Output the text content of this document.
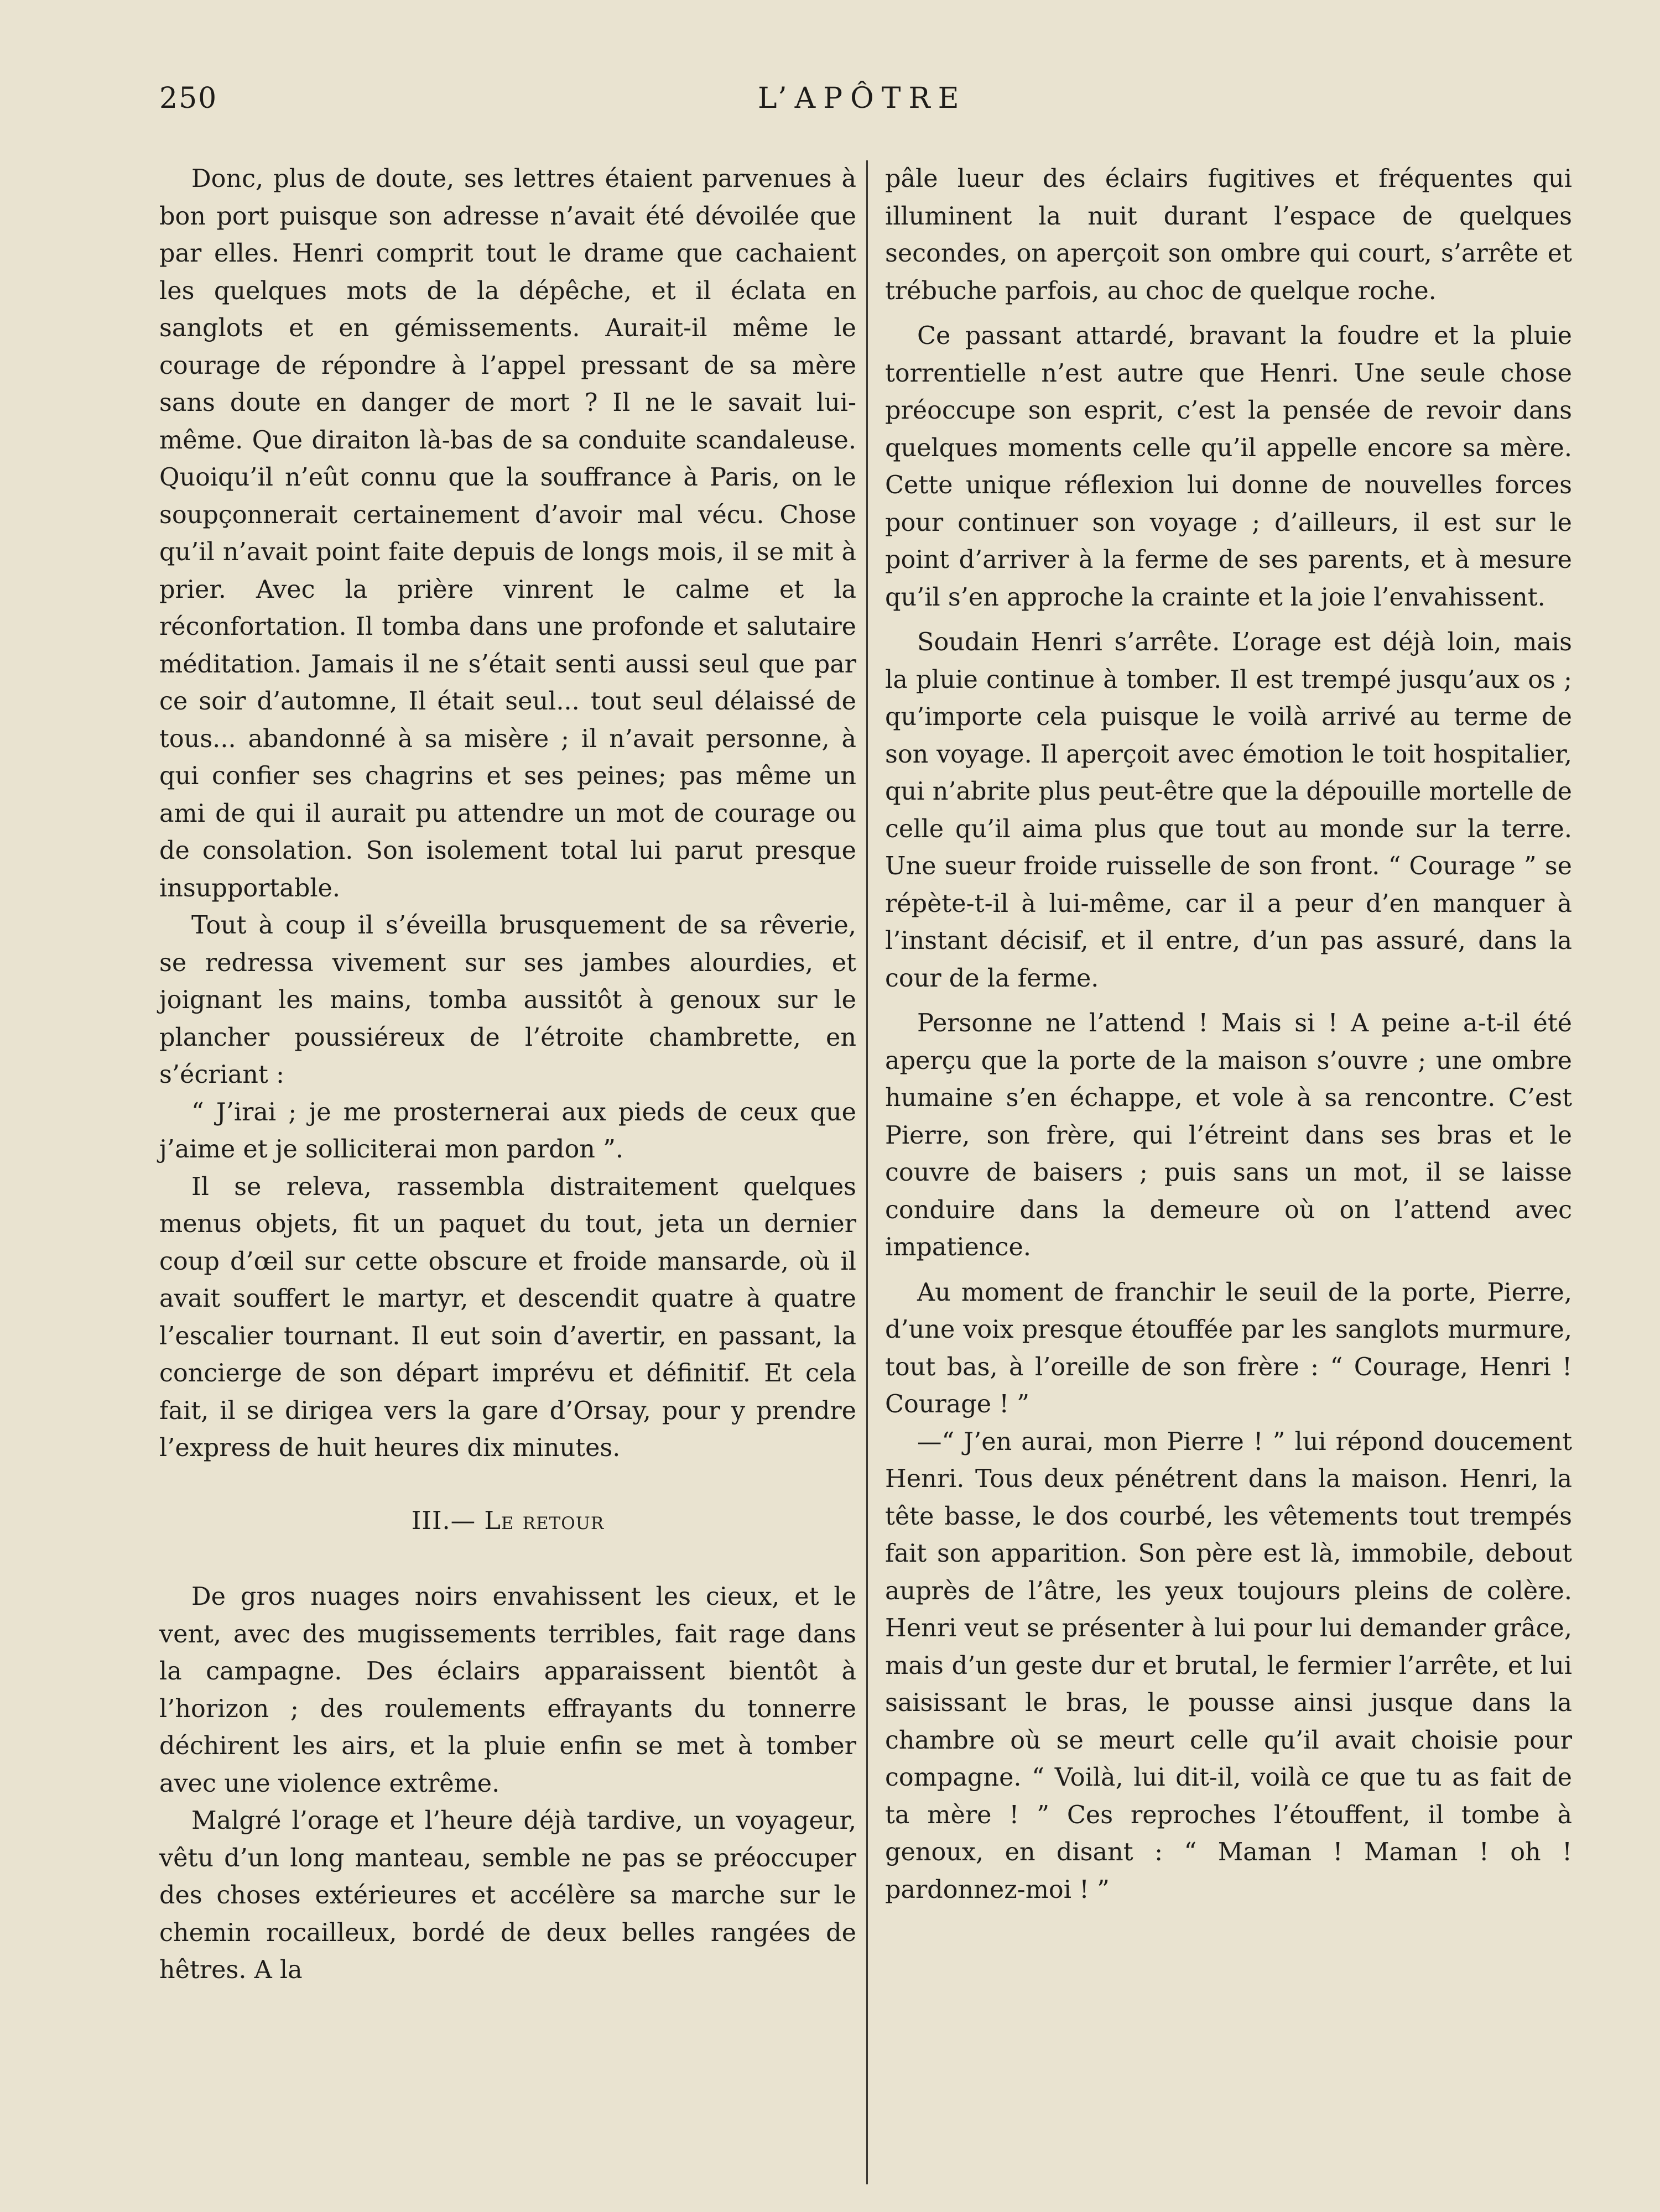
250	L’APÔTRE

Donc, plus de doute, ses lettres étaient parvenues à bon port puisque son adresse n’avait été dévoilée que par elles. Henri comprit tout le drame que cachaient les quelques mots de la dépêche, et il éclata en sanglots et en gémissements. Aurait-il même le courage de répondre à l’appel pressant de sa mère sans doute en danger de mort ? Il ne le savait lui-même. Que diraiton là-bas de sa conduite scandaleuse. Quoiqu’il n’eût connu que la souffrance à Paris, on le soupçonnerait certainement d’avoir mal vécu. Chose qu’il n’avait point faite depuis de longs mois, il se mit à prier. Avec la prière vinrent le calme et la réconfortation. Il tomba dans une profonde et salutaire méditation. Jamais il ne s’était senti aussi seul que par ce soir d’automne, Il était seul... tout seul délaissé de tous... abandonné à sa misère ; il n’avait personne, à qui confier ses chagrins et ses peines; pas même un ami de qui il aurait pu attendre un mot de courage ou de consolation. Son isolement total lui parut presque insupportable.

Tout à coup il s’éveilla brusquement de sa rêverie, se redressa vivement sur ses jambes alourdies, et joignant les mains, tomba aussitôt à genoux sur le plancher poussiéreux de l’étroite chambrette, en s’écriant :

“ J’irai ; je me prosternerai aux pieds de ceux que j’aime et je solliciterai mon pardon ”.

Il se releva, rassembla distraitement quelques menus objets, fit un paquet du tout, jeta un dernier coup d’œil sur cette obscure et froide mansarde, où il avait souffert le martyr, et descendit quatre à quatre l’escalier tournant. Il eut soin d’avertir, en passant, la concierge de son départ imprévu et définitif. Et cela fait, il se dirigea vers la gare d’Orsay, pour y prendre l’express de huit heures dix minutes.

III.— Le retour

De gros nuages noirs envahissent les cieux, et le vent, avec des mugissements terribles, fait rage dans la campagne. Des éclairs apparaissent bientôt à l’horizon ; des roulements effrayants du tonnerre déchirent les airs, et la pluie enfin se met à tomber avec une violence extrême.

Malgré l’orage et l’heure déjà tardive, un voyageur, vêtu d’un long manteau, semble ne pas se préoccuper des choses extérieures et accélère sa marche sur le chemin rocailleux, bordé de deux belles rangées de hêtres. A la

pâle lueur des éclairs fugitives et fréquentes qui illuminent la nuit durant l’espace de quelques secondes, on aperçoit son ombre qui court, s’arrête et trébuche parfois, au choc de quelque roche.

Ce passant attardé, bravant la foudre et la pluie torrentielle n’est autre que Henri. Une seule chose préoccupe son esprit, c’est la pensée de revoir dans quelques moments celle qu’il appelle encore sa mère. Cette unique réflexion lui donne de nouvelles forces pour continuer son voyage ; d’ailleurs, il est sur le point d’arriver à la ferme de ses parents, et à mesure qu’il s’en approche la crainte et la joie l’envahissent.

Soudain Henri s’arrête. L’orage est déjà loin, mais la pluie continue à tomber. Il est trempé jusqu’aux os ; qu’importe cela puisque le voilà arrivé au terme de son voyage. Il aperçoit avec émotion le toit hospitalier, qui n’abrite plus peut-être que la dépouille mortelle de celle qu’il aima plus que tout au monde sur la terre. Une sueur froide ruisselle de son front. “ Courage ” se répète-t-il à lui-même, car il a peur d’en manquer à l’instant décisif, et il entre, d’un pas assuré, dans la cour de la ferme.

Personne ne l’attend ! Mais si ! A peine a-t-il été aperçu que la porte de la maison s’ouvre ; une ombre humaine s’en échappe, et vole à sa rencontre. C’est Pierre, son frère, qui l’étreint dans ses bras et le couvre de baisers ; puis sans un mot, il se laisse conduire dans la demeure où on l’attend avec impatience.

Au moment de franchir le seuil de la porte, Pierre, d’une voix presque étouffée par les sanglots murmure, tout bas, à l’oreille de son frère : “ Courage, Henri ! Courage ! ”

—“ J’en aurai, mon Pierre ! ” lui répond doucement Henri. Tous deux pénétrent dans la maison. Henri, la tête basse, le dos courbé, les vêtements tout trempés fait son apparition. Son père est là, immobile, debout auprès de l’âtre, les yeux toujours pleins de colère. Henri veut se présenter à lui pour lui demander grâce, mais d’un geste dur et brutal, le fermier l’arrête, et lui saisissant le bras, le pousse ainsi jusque dans la chambre où se meurt celle qu’il avait choisie pour compagne. “ Voilà, lui dit-il, voilà ce que tu as fait de ta mère ! ” Ces reproches l’étouffent, il tombe à genoux, en disant : “ Maman ! Maman ! oh ! pardonnez-moi ! ”
